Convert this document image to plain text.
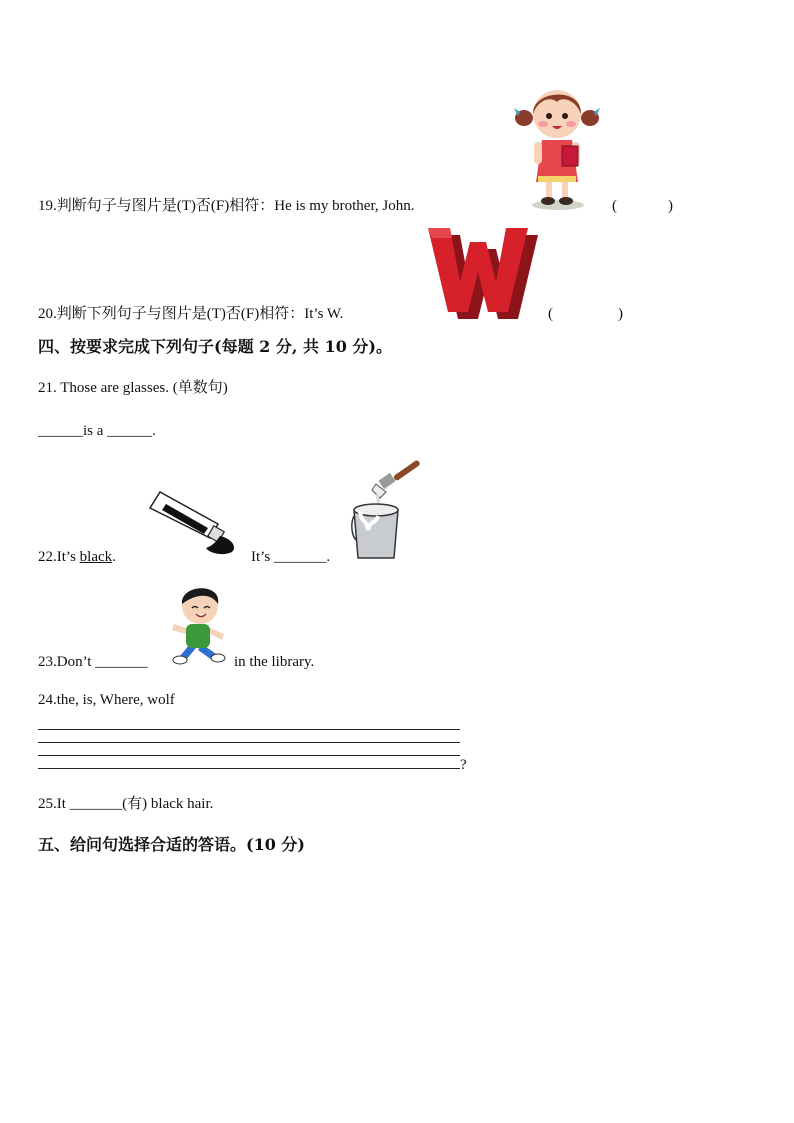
19.判断句子与图片是(T)否(F)相符：He is my brother, John.	(	)
20.判断下列句子与图片是(T)否(F)相符：It’s W.	(	)
四、按要求完成下列句子(每题 2 分, 共 10 分)。
21. Those are glasses. (单数句)
______is a ______.
22.It’s black.	It’s _______.
23.Don’t _______	in the library.
24.the, is, Where, wolf
?
25.It _______(有) black hair.
五、给问句选择合适的答语。(10 分)
